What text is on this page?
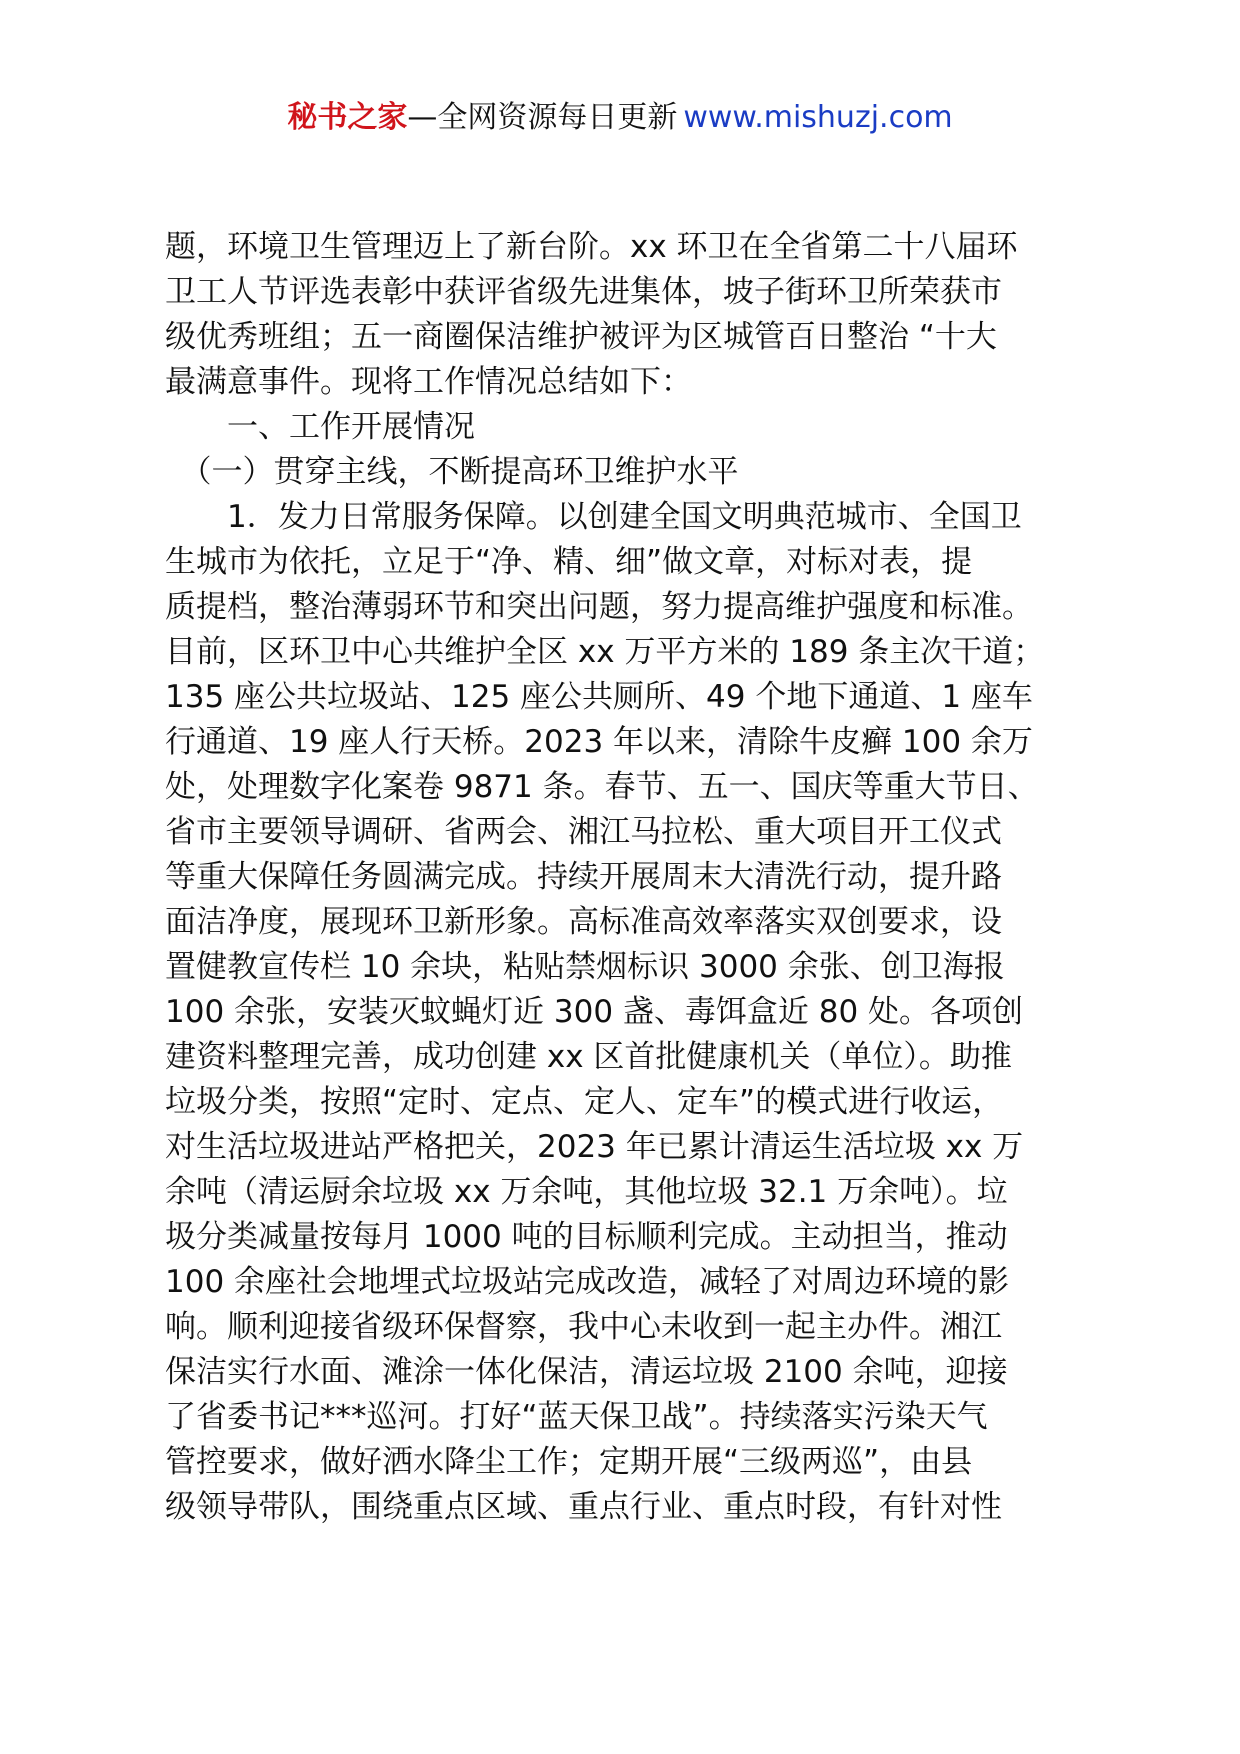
秘书之家—全网资源每日更新 www.mishuzj.com
题，环境卫生管理迈上了新台阶。xx 环卫在全省第二十八届环
卫工人节评选表彰中获评省级先进集体，坡子街环卫所荣获市
级优秀班组；五一商圈保洁维护被评为区城管百日整治 “十大
最满意事件。现将工作情况总结如下：
　　一、工作开展情况
　（一）贯穿主线，不断提高环卫维护水平
　　1．发力日常服务保障。以创建全国文明典范城市、全国卫
生城市为依托，立足于“净、精、细”做文章，对标对表，提
质提档，整治薄弱环节和突出问题，努力提高维护强度和标准。
目前，区环卫中心共维护全区 xx 万平方米的 189 条主次干道；
135 座公共垃圾站、125 座公共厕所、49 个地下通道、1 座车
行通道、19 座人行天桥。2023 年以来，清除牛皮癣 100 余万
处，处理数字化案卷 9871 条。春节、五一、国庆等重大节日、
省市主要领导调研、省两会、湘江马拉松、重大项目开工仪式
等重大保障任务圆满完成。持续开展周末大清洗行动，提升路
面洁净度，展现环卫新形象。高标准高效率落实双创要求，设
置健教宣传栏 10 余块，粘贴禁烟标识 3000 余张、创卫海报
100 余张，安装灭蚊蝇灯近 300 盏、毒饵盒近 80 处。各项创
建资料整理完善，成功创建 xx 区首批健康机关（单位）。助推
垃圾分类，按照“定时、定点、定人、定车”的模式进行收运，
对生活垃圾进站严格把关，2023 年已累计清运生活垃圾 xx 万
余吨（清运厨余垃圾 xx 万余吨，其他垃圾 32.1 万余吨）。垃
圾分类减量按每月 1000 吨的目标顺利完成。主动担当，推动
100 余座社会地埋式垃圾站完成改造，减轻了对周边环境的影
响。顺利迎接省级环保督察，我中心未收到一起主办件。湘江
保洁实行水面、滩涂一体化保洁，清运垃圾 2100 余吨，迎接
了省委书记***巡河。打好“蓝天保卫战”。持续落实污染天气
管控要求，做好洒水降尘工作；定期开展“三级两巡”，由县
级领导带队，围绕重点区域、重点行业、重点时段，有针对性
